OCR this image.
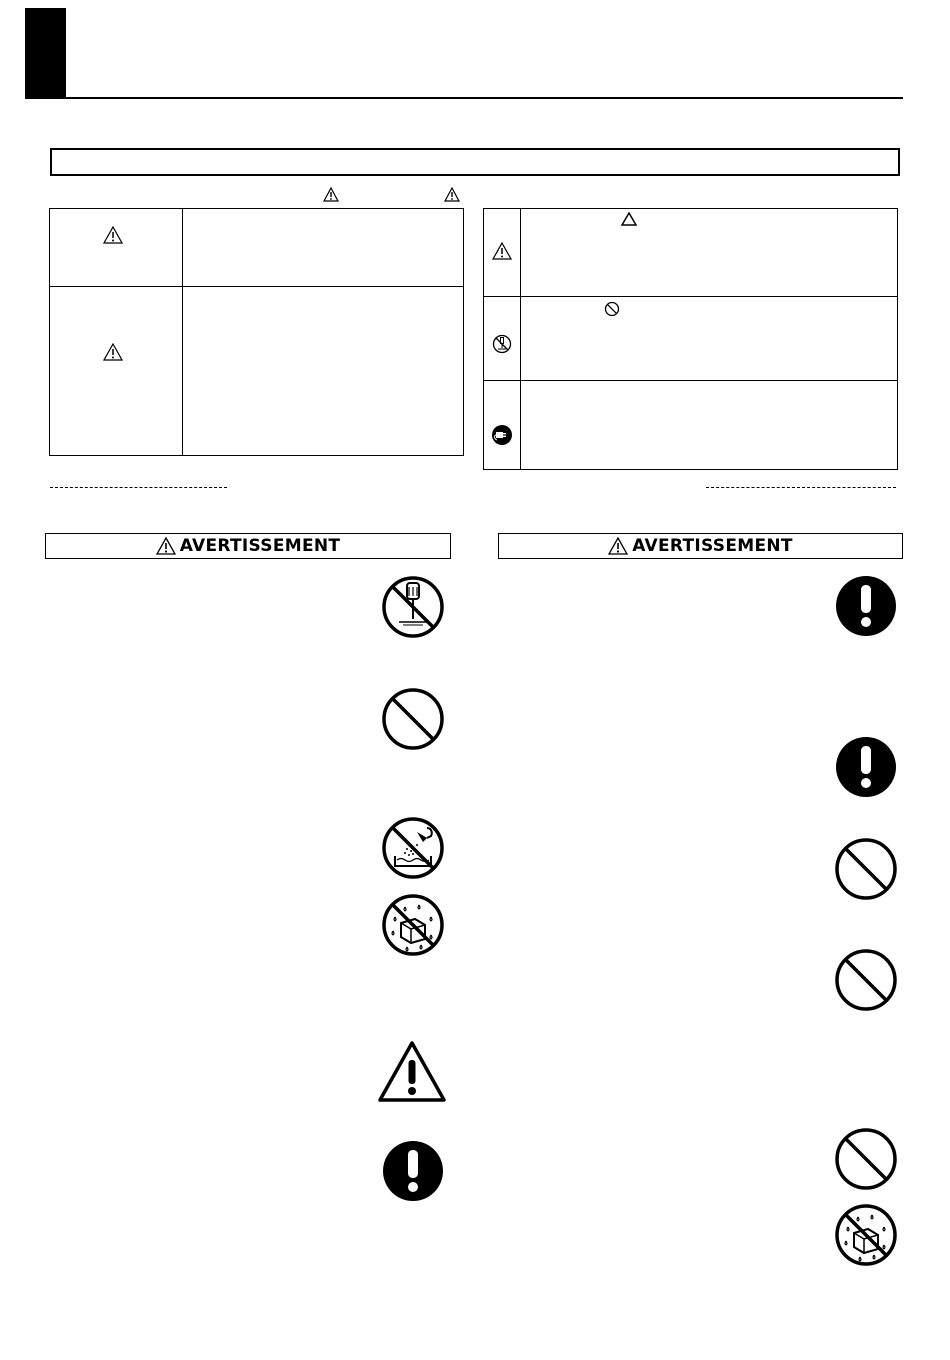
AVERTISSEMENT	AVERTISSEMENT
